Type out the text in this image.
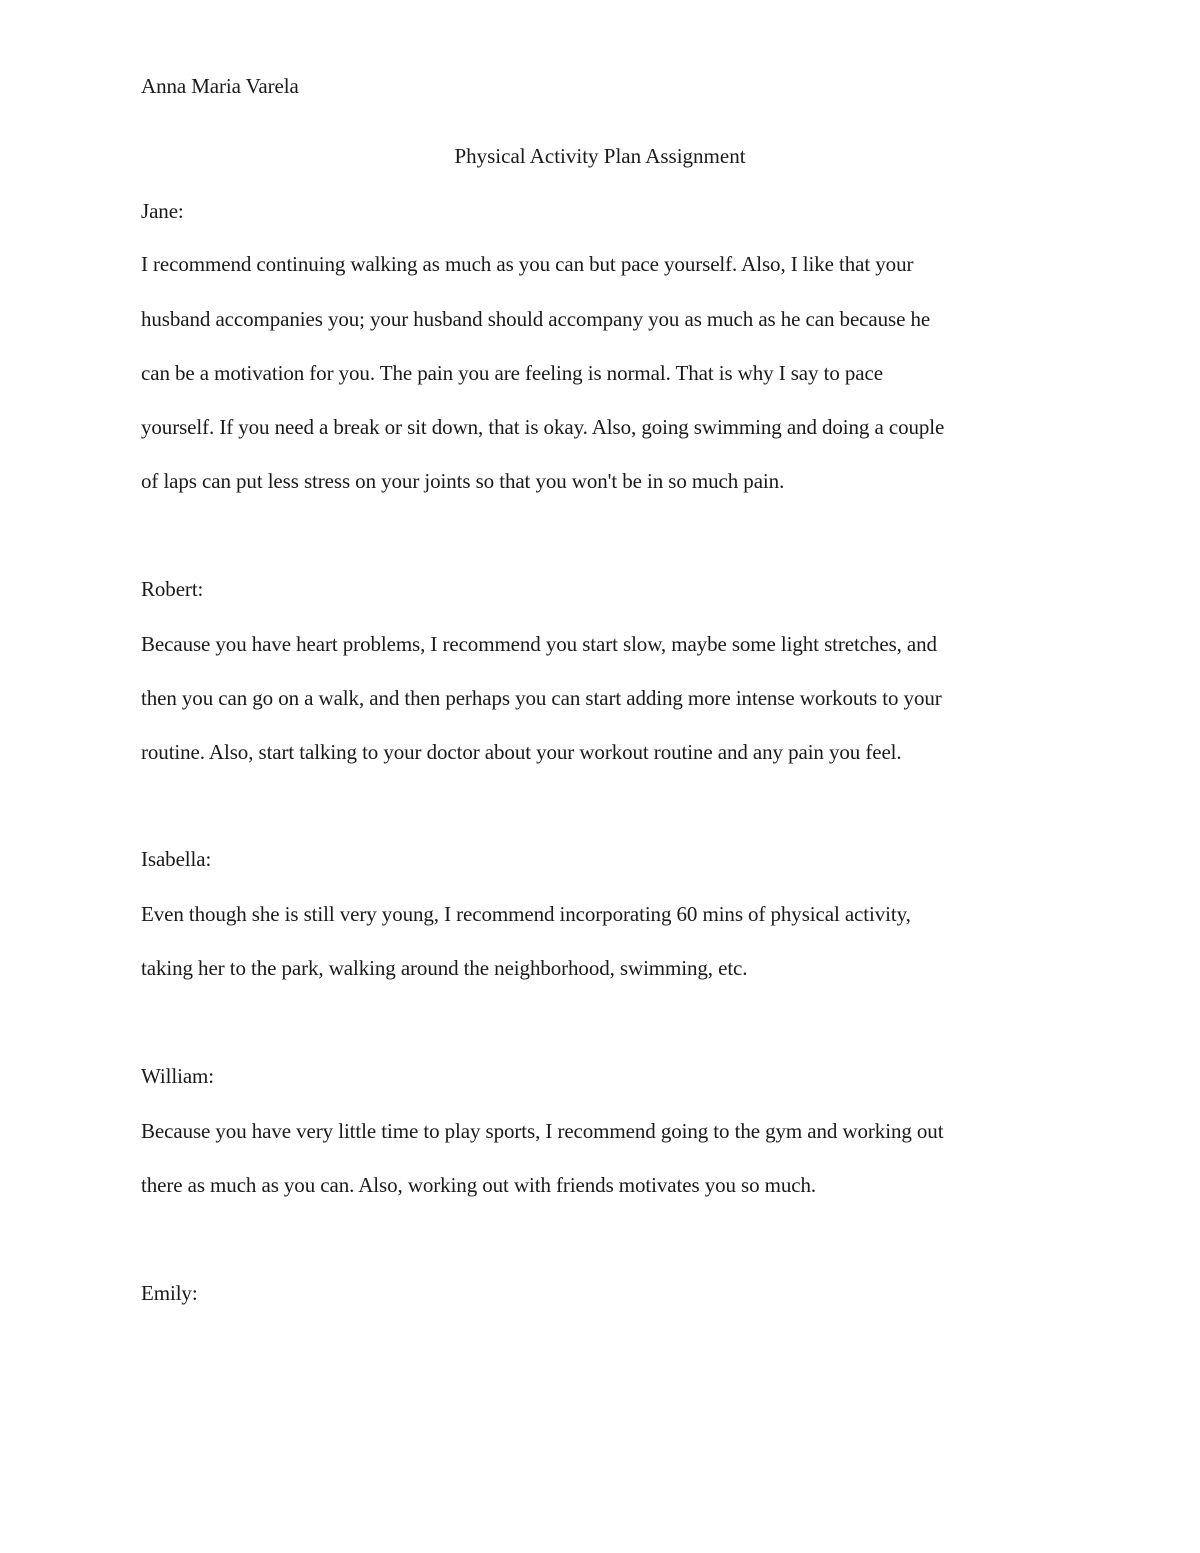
Anna Maria Varela
Physical Activity Plan Assignment
Jane:
I recommend continuing walking as much as you can but pace yourself. Also, I like that your
husband accompanies you; your husband should accompany you as much as he can because he
can be a motivation for you. The pain you are feeling is normal. That is why I say to pace
yourself. If you need a break or sit down, that is okay. Also, going swimming and doing a couple
of laps can put less stress on your joints so that you won't be in so much pain.
Robert:
Because you have heart problems, I recommend you start slow, maybe some light stretches, and
then you can go on a walk, and then perhaps you can start adding more intense workouts to your
routine. Also, start talking to your doctor about your workout routine and any pain you feel.
Isabella:
Even though she is still very young, I recommend incorporating 60 mins of physical activity,
taking her to the park, walking around the neighborhood, swimming, etc.
William:
Because you have very little time to play sports, I recommend going to the gym and working out
there as much as you can. Also, working out with friends motivates you so much.
Emily:
